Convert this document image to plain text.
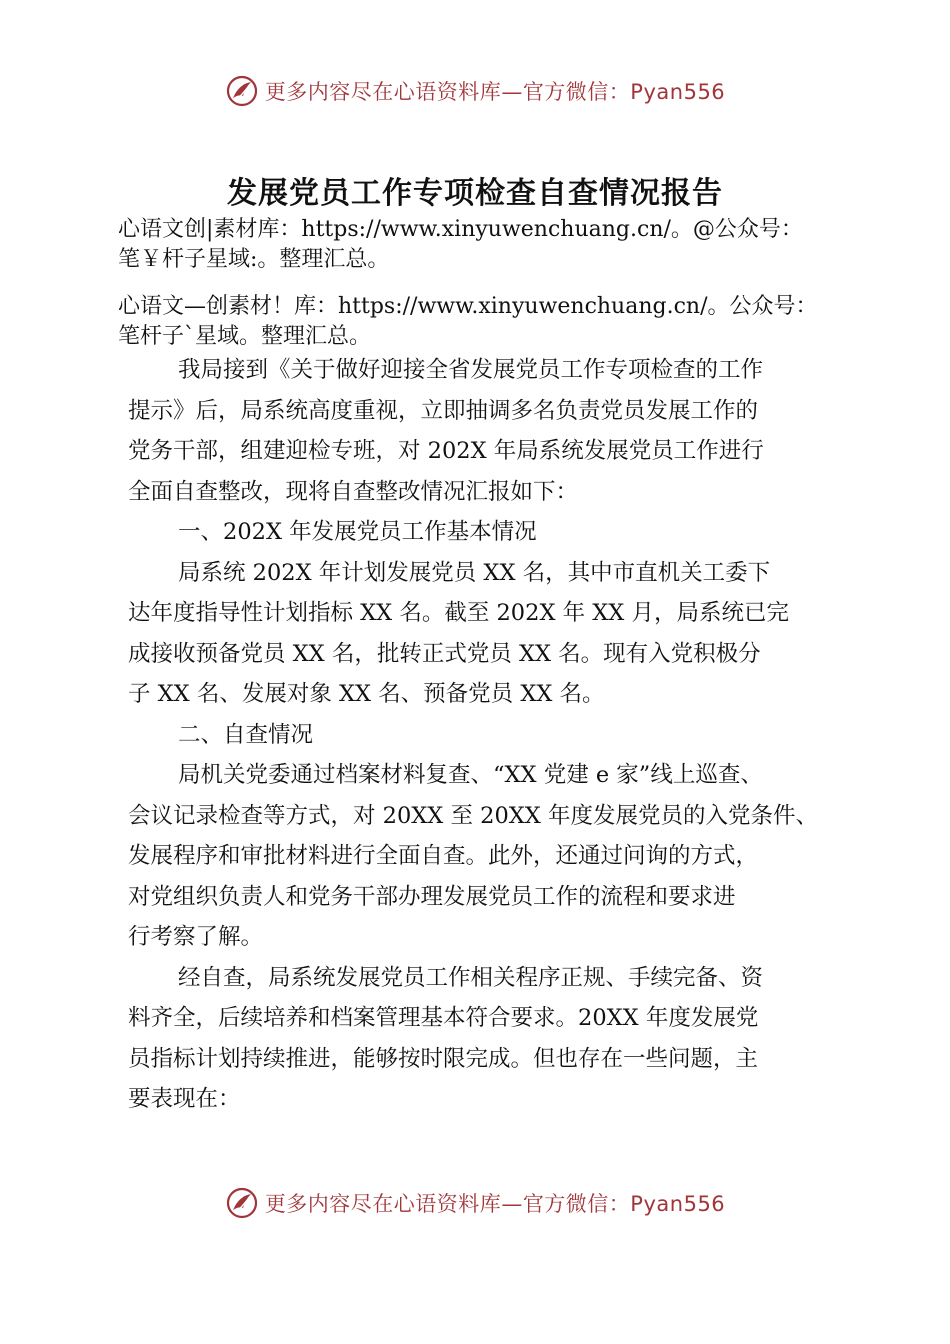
更多内容尽在心语资料库—官方微信：Pyan556
发展党员工作专项检查自查情况报告
心语文创|素材库：https://www.xinyuwenchuang.cn/。@公众号：
笔￥杆子星域:。整理汇总。
心语文—创素材！库：https://www.xinyuwenchuang.cn/。公众号：
笔杆子`星域。整理汇总。
我局接到《关于做好迎接全省发展党员工作专项检查的工作
提示》后，局系统高度重视，立即抽调多名负责党员发展工作的
党务干部，组建迎检专班，对 202X 年局系统发展党员工作进行
全面自查整改，现将自查整改情况汇报如下：
一、202X 年发展党员工作基本情况
局系统 202X 年计划发展党员 XX 名，其中市直机关工委下
达年度指导性计划指标 XX 名。截至 202X 年 XX 月，局系统已完
成接收预备党员 XX 名，批转正式党员 XX 名。现有入党积极分
子 XX 名、发展对象 XX 名、预备党员 XX 名。
二、自查情况
局机关党委通过档案材料复查、“XX 党建 e 家”线上巡查、
会议记录检查等方式，对 20XX 至 20XX 年度发展党员的入党条件、
发展程序和审批材料进行全面自查。此外，还通过问询的方式，
对党组织负责人和党务干部办理发展党员工作的流程和要求进
行考察了解。
经自查，局系统发展党员工作相关程序正规、手续完备、资
料齐全，后续培养和档案管理基本符合要求。20XX 年度发展党
员指标计划持续推进，能够按时限完成。但也存在一些问题，主
要表现在：
更多内容尽在心语资料库—官方微信：Pyan556
